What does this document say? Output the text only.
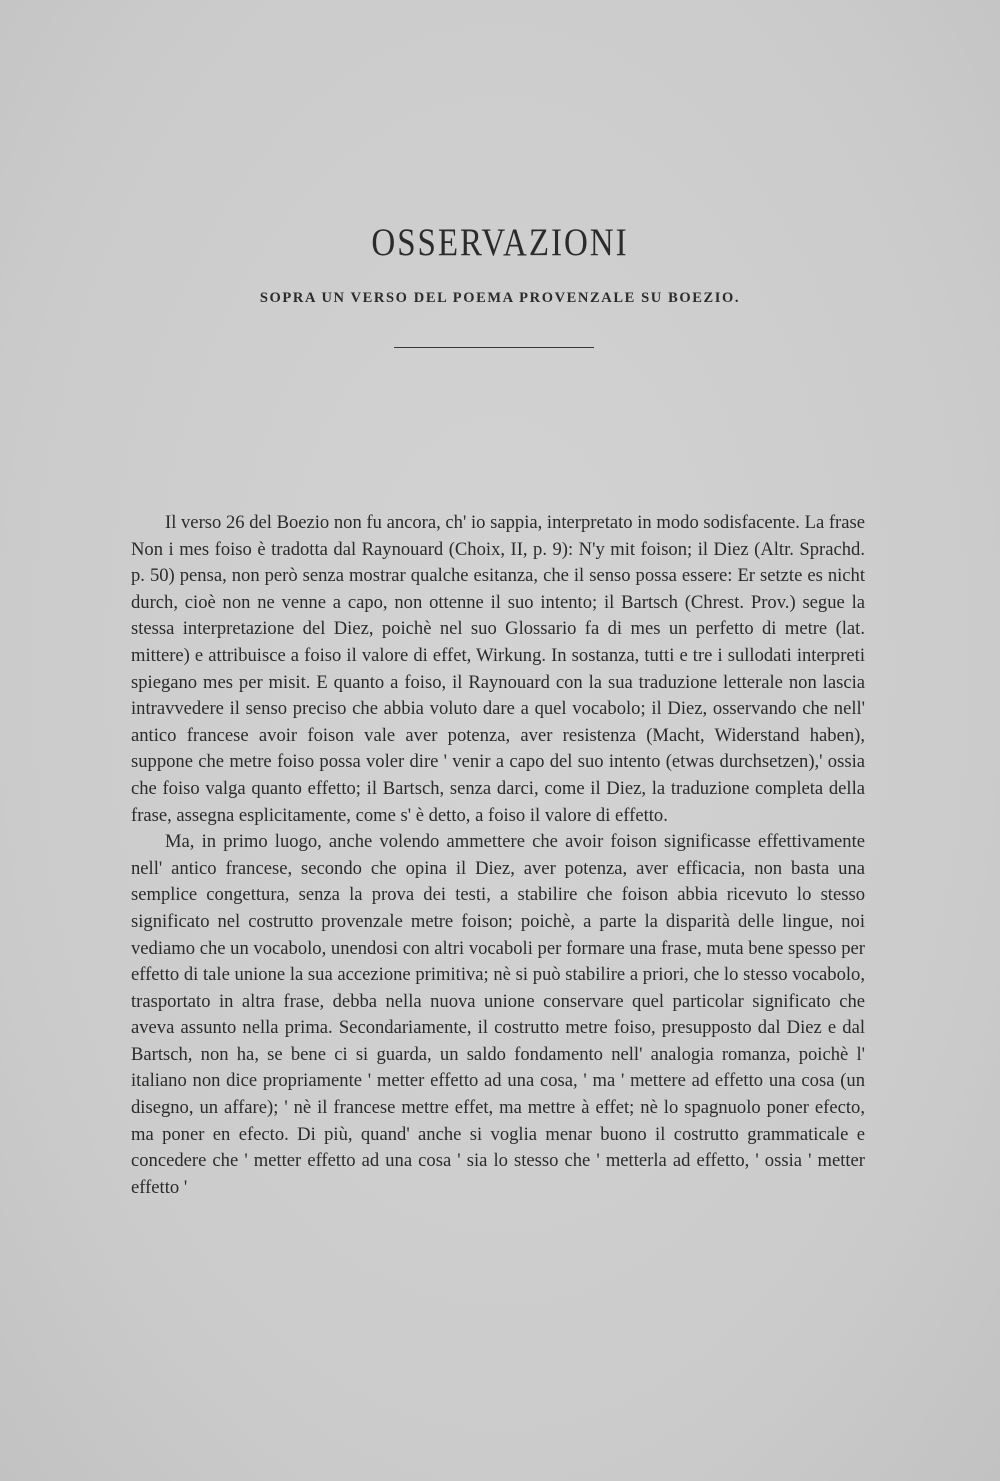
OSSERVAZIONI
SOPRA UN VERSO DEL POEMA PROVENZALE SU BOEZIO.

Il verso 26 del Boezio non fu ancora, ch' io sappia, interpretato in modo sodisfacente. La frase Non i mes foiso è tradotta dal Raynouard (Choix, II, p. 9): N'y mit foison; il Diez (Altr. Sprachd. p. 50) pensa, non però senza mostrar qualche esitanza, che il senso possa essere: Er setzte es nicht durch, cioè non ne venne a capo, non ottenne il suo intento; il Bartsch (Chrest. Prov.) segue la stessa interpretazione del Diez, poichè nel suo Glossario fa di mes un perfetto di metre (lat. mittere) e attribuisce a foiso il valore di effet, Wirkung. In sostanza, tutti e tre i sullodati interpreti spiegano mes per misit. E quanto a foiso, il Raynouard con la sua traduzione letterale non lascia intravvedere il senso preciso che abbia voluto dare a quel vocabolo; il Diez, osservando che nell' antico francese avoir foison vale aver potenza, aver resistenza (Macht, Widerstand haben), suppone che metre foiso possa voler dire ' venir a capo del suo intento (etwas durchsetzen),' ossia che foiso valga quanto effetto; il Bartsch, senza darci, come il Diez, la traduzione completa della frase, assegna esplicitamente, come s' è detto, a foiso il valore di effetto.

Ma, in primo luogo, anche volendo ammettere che avoir foison significasse effettivamente nell' antico francese, secondo che opina il Diez, aver potenza, aver efficacia, non basta una semplice congettura, senza la prova dei testi, a stabilire che foison abbia ricevuto lo stesso significato nel costrutto provenzale metre foison; poichè, a parte la disparità delle lingue, noi vediamo che un vocabolo, unendosi con altri vocaboli per formare una frase, muta bene spesso per effetto di tale unione la sua accezione primitiva; nè si può stabilire a priori, che lo stesso vocabolo, trasportato in altra frase, debba nella nuova unione conservare quel particolar significato che aveva assunto nella prima. Secondariamente, il costrutto metre foiso, presupposto dal Diez e dal Bartsch, non ha, se bene ci si guarda, un saldo fondamento nell' analogia romanza, poichè l' italiano non dice propriamente ' metter effetto ad una cosa, ' ma ' mettere ad effetto una cosa (un disegno, un affare); ' nè il francese mettre effet, ma mettre à effet; nè lo spagnuolo poner efecto, ma poner en efecto. Di più, quand' anche si voglia menar buono il costrutto grammaticale e concedere che ' metter effetto ad una cosa ' sia lo stesso che ' metterla ad effetto, ' ossia ' metter effetto '
